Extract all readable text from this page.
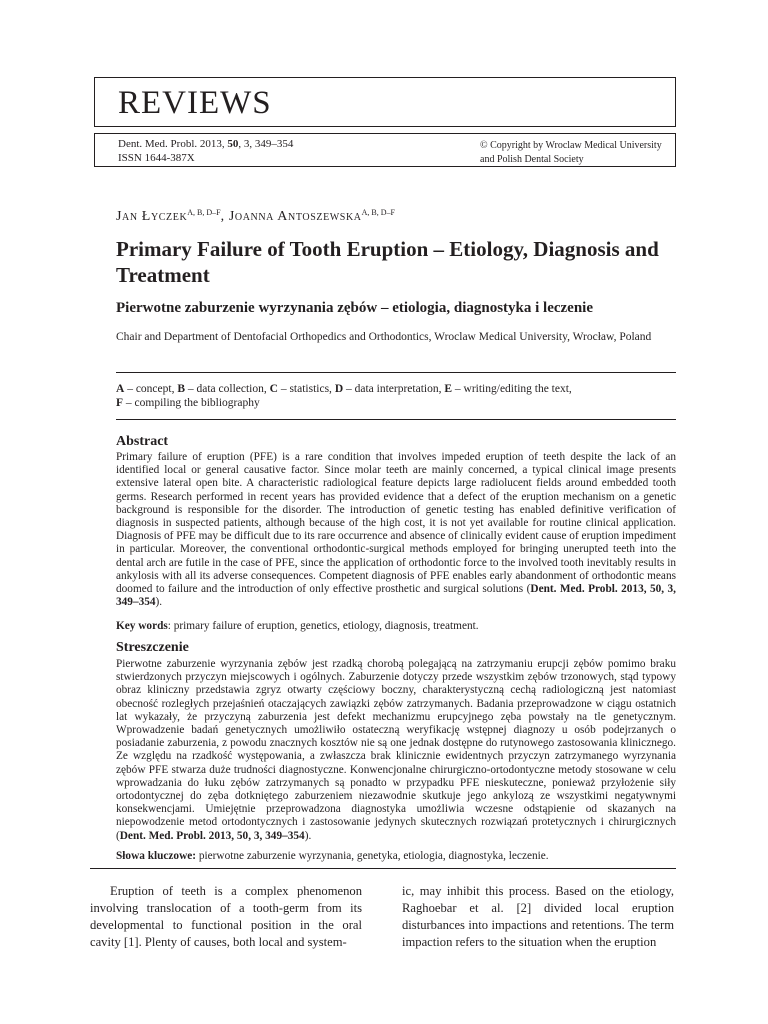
REVIEWS
Dent. Med. Probl. 2013, 50, 3, 349–354
ISSN 1644-387X
© Copyright by Wroclaw Medical University
and Polish Dental Society
Jan Łyczek$^{A, B, D-F}$, Joanna Antoszewska$^{A, B, D-F}$
Primary Failure of Tooth Eruption – Etiology, Diagnosis and Treatment
Pierwotne zaburzenie wyrzynania zębów – etiologia, diagnostyka i leczenie
Chair and Department of Dentofacial Orthopedics and Orthodontics, Wroclaw Medical University, Wrocław, Poland
A – concept, B – data collection, C – statistics, D – data interpretation, E – writing/editing the text,
F – compiling the bibliography
Abstract
Primary failure of eruption (PFE) is a rare condition that involves impeded eruption of teeth despite the lack of an identified local or general causative factor. Since molar teeth are mainly concerned, a typical clinical image presents extensive lateral open bite. A characteristic radiological feature depicts large radiolucent fields around embedded tooth germs. Research performed in recent years has provided evidence that a defect of the eruption mechanism on a genetic background is responsible for the disorder. The introduction of genetic testing has enabled definitive verification of diagnosis in suspected patients, although because of the high cost, it is not yet available for routine clinical application. Diagnosis of PFE may be difficult due to its rare occurrence and absence of clinically evident cause of eruption impediment in particular. Moreover, the conventional orthodontic-surgical methods employed for bringing unerupted teeth into the dental arch are futile in the case of PFE, since the application of orthodontic force to the involved tooth inevitably results in ankylosis with all its adverse consequences. Competent diagnosis of PFE enables early abandonment of orthodontic means doomed to failure and the introduction of only effective prosthetic and surgical solutions (Dent. Med. Probl. 2013, 50, 3, 349–354).
Key words: primary failure of eruption, genetics, etiology, diagnosis, treatment.
Streszczenie
Pierwotne zaburzenie wyrzynania zębów jest rzadką chorobą polegającą na zatrzymaniu erupcji zębów pomimo braku stwierdzonych przyczyn miejscowych i ogólnych. Zaburzenie dotyczy przede wszystkim zębów trzonowych, stąd typowy obraz kliniczny przedstawia zgryz otwarty częściowy boczny, charakterystyczną cechą radiologiczną jest natomiast obecność rozległych przejaśnień otaczających zawiązki zębów zatrzymanych. Badania przeprowadzone w ciągu ostatnich lat wykazały, że przyczyną zaburzenia jest defekt mechanizmu erupcyjnego zęba powstały na tle genetycznym. Wprowadzenie badań genetycznych umożliwiło ostateczną weryfikację wstępnej diagnozy u osób podejrzanych o posiadanie zaburzenia, z powodu znacznych kosztów nie są one jednak dostępne do rutynowego zastosowania klinicznego. Ze względu na rzadkość występowania, a zwłaszcza brak klinicznie ewidentnych przyczyn zatrzymanego wyrzynania zębów PFE stwarza duże trudności diagnostyczne. Konwencjonalne chirurgiczno-ortodontyczne metody stosowane w celu wprowadzania do łuku zębów zatrzymanych są ponadto w przypadku PFE nieskuteczne, ponieważ przyłożenie siły ortodontycznej do zęba dotkniętego zaburzeniem niezawodnie skutkuje jego ankylozą ze wszystkimi negatywnymi konsekwencjami. Umiejętnie przeprowadzona diagnostyka umożliwia wczesne odstąpienie od skazanych na niepowodzenie metod ortodontycznych i zastosowanie jedynych skutecznych rozwiązań protetycznych i chirurgicznych (Dent. Med. Probl. 2013, 50, 3, 349–354).
Słowa kluczowe: pierwotne zaburzenie wyrzynania, genetyka, etiologia, diagnostyka, leczenie.
Eruption of teeth is a complex phenomenon involving translocation of a tooth-germ from its developmental to functional position in the oral cavity [1]. Plenty of causes, both local and system-
ic, may inhibit this process. Based on the etiology, Raghoebar et al. [2] divided local eruption disturbances into impactions and retentions. The term impaction refers to the situation when the eruption
